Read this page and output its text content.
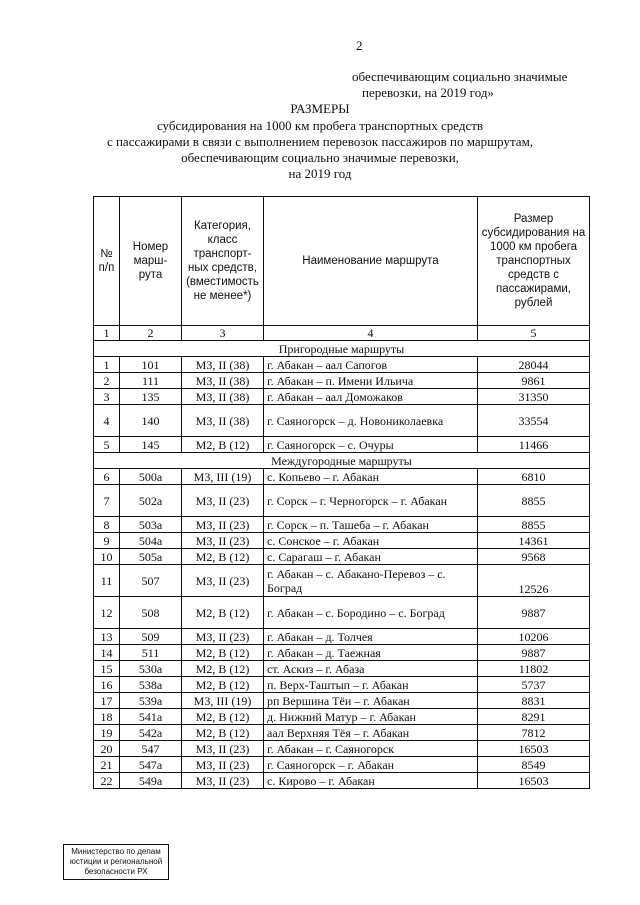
2
обеспечивающим социально значимые
перевозки, на 2019 год»
РАЗМЕРЫ
субсидирования на 1000 км пробега транспортных средств
с пассажирами в связи с выполнением перевозок пассажиров по маршрутам,
обеспечивающим социально значимые перевозки,
на 2019 год
№ п/п	Номер марш-рута	Категория, класс транспорт-ных средств, (вместимость не менее*)	Наименование маршрута	Размер субсидирования на 1000 км пробега транспортных средств с пассажирами, рублей
1	2	3	4	5
Пригородные маршруты				
1	101	М3, II (38)	г. Абакан – аал Сапогов	28044
2	111	М3, II (38)	г. Абакан – п. Имени Ильича	9861
3	135	М3, II (38)	г. Абакан – аал Доможаков	31350
4	140	М3, II (38)	г. Саяногорск – д. Новониколаевка	33554
5	145	М2, В (12)	г. Саяногорск – с. Очуры	11466
Междугородные маршруты				
6	500а	М3, III (19)	с. Копьево – г. Абакан	6810
7	502а	М3, II (23)	г. Сорск – г. Черногорск – г. Абакан	8855
8	503а	М3, II (23)	г. Сорск – п. Ташеба – г. Абакан	8855
9	504а	М3, II (23)	с. Сонское – г. Абакан	14361
10	505а	М2, В (12)	с. Сарагаш – г. Абакан	9568
11	507	М3, II (23)	г. Абакан – с. Абакано-Перевоз – с. Боград	12526
12	508	М2, В (12)	г. Абакан – с. Бородино – с. Боград	9887
13	509	М3, II (23)	г. Абакан – д. Толчея	10206
14	511	М2, В (12)	г. Абакан – д. Таежная	9887
15	530а	М2, В (12)	ст. Аскиз – г. Абаза	11802
16	538а	М2, В (12)	п. Верх-Таштып – г. Абакан	5737
17	539а	М3, III (19)	рп Вершина Тёи – г. Абакан	8831
18	541а	М2, В (12)	д. Нижний Матур – г. Абакан	8291
19	542а	М2, В (12)	аал Верхняя Тёя – г. Абакан	7812
20	547	М3, II (23)	г. Абакан – г. Саяногорск	16503
21	547а	М3, II (23)	г. Саяногорск – г. Абакан	8549
22	549а	М3, II (23)	с. Кирово – г. Абакан	16503
Министерство по делам
юстиции и региональной
безопасности РХ
